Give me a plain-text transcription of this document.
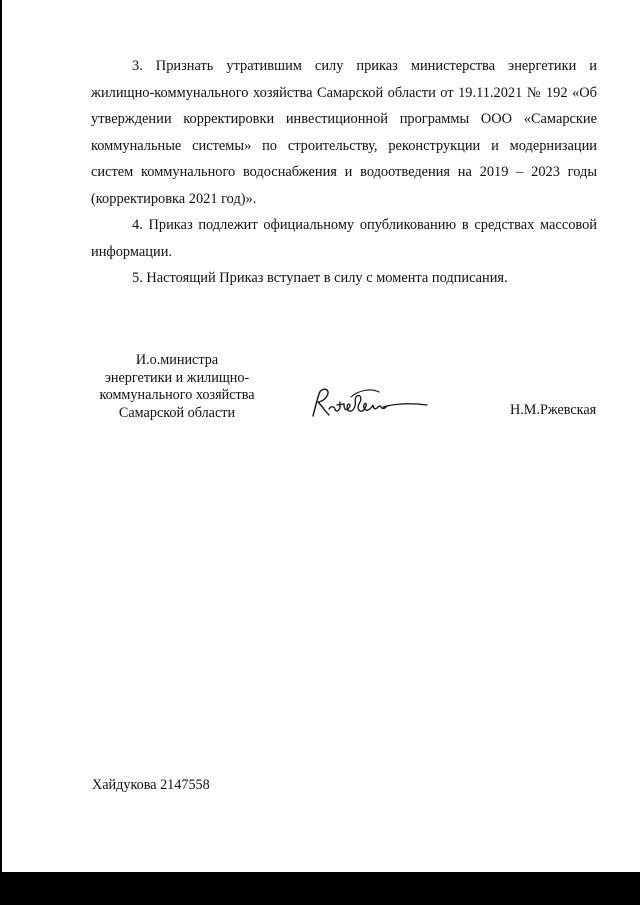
3. Признать утратившим силу приказ министерства энергетики и жилищно-коммунального хозяйства Самарской области от 19.11.2021 № 192 «Об утверждении корректировки инвестиционной программы ООО «Самарские коммунальные системы» по строительству, реконструкции и модернизации систем коммунального водоснабжения и водоотведения на 2019 – 2023 годы (корректировка 2021 год)».

4. Приказ подлежит официальному опубликованию в средствах массовой информации.

5. Настоящий Приказ вступает в силу с момента подписания.

И.о.министра
энергетики и жилищно-
коммунального хозяйства
Самарской области	Н.М.Ржевская
Хайдукова 2147558
